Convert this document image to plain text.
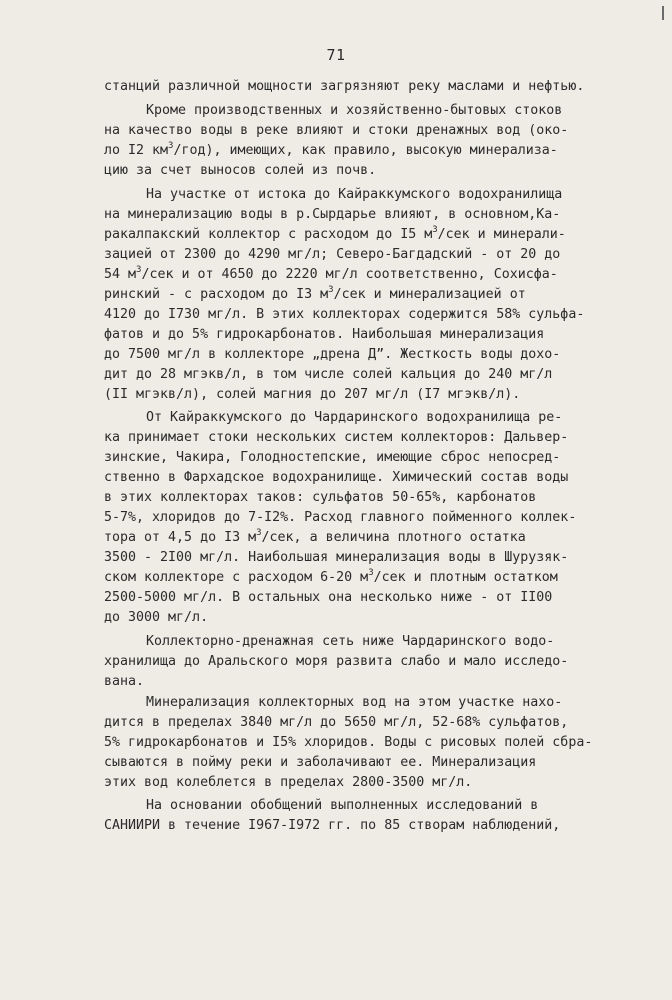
71
станций различной мощности загрязняют реку маслами и нефтью.
Кроме производственных и хозяйственно-бытовых стоков
на качество воды в реке влияют и стоки дренажных вод (око-
ло I2 $км^3/год$), имеющих, как правило, высокую минерализа-
цию за счет выносов солей из почв.
На участке от истока до Кайраккумского водохранилища
на минерализацию воды в р.Сырдарье влияют, в основном,Ка-
ракалпакский коллектор с расходом до I5 $м^3$/сек и минерали-
зацией от 2300 до 4290 мг/л; Северо-Багдадский - от 20 до
54 $м^3$/сек и от 4650 до 2220 мг/л соответственно, Сохисфа-
ринский - с расходом до I3 $м^3$/сек и минерализацией от
4120 до I730 мг/л. В этих коллекторах содержится 58% сульфа-
фатов и до 5% гидрокарбонатов. Наибольшая минерализация
до 7500 мг/л в коллекторе „дрена Д”. Жесткость воды дохо-
дит до 28 мгэкв/л, в том числе солей кальция до 240 мг/л
(II мгэкв/л), солей магния до 207 мг/л (I7 мгэкв/л).
От Кайраккумского до Чардаринского водохранилища ре-
ка принимает стоки нескольких систем коллекторов: Дальвер-
зинские, Чакира, Голодностепские, имеющие сброс непосред-
ственно в Фархадское водохранилище. Химический состав воды
в этих коллекторах таков: сульфатов 50-65%, карбонатов
5-7%, хлоридов до 7-I2%. Расход главного пойменного коллек-
тора от 4,5 до I3 $м^3$/сек, а величина плотного остатка
3500 - 2I00 мг/л. Наибольшая минерализация воды в Шурузяк-
ском коллекторе с расходом 6-20 $м^3$/сек и плотным остатком
2500-5000 мг/л. В остальных она несколько ниже - от II00
до 3000 мг/л.
Коллекторно-дренажная сеть ниже Чардаринского водо-
хранилища до Аральского моря развита слабо и мало исследо-
вана.
Минерализация коллекторных вод на этом участке нахо-
дится в пределах 3840 мг/л до 5650 мг/л, 52-68% сульфатов,
5% гидрокарбонатов и I5% хлоридов. Воды с рисовых полей сбра-
сываются в пойму реки и заболачивают ее. Минерализация
этих вод колеблется в пределах 2800-3500 мг/л.
На основании обобщений выполненных исследований в
САНИИРИ в течение I967-I972 гг. по 85 створам наблюдений,
